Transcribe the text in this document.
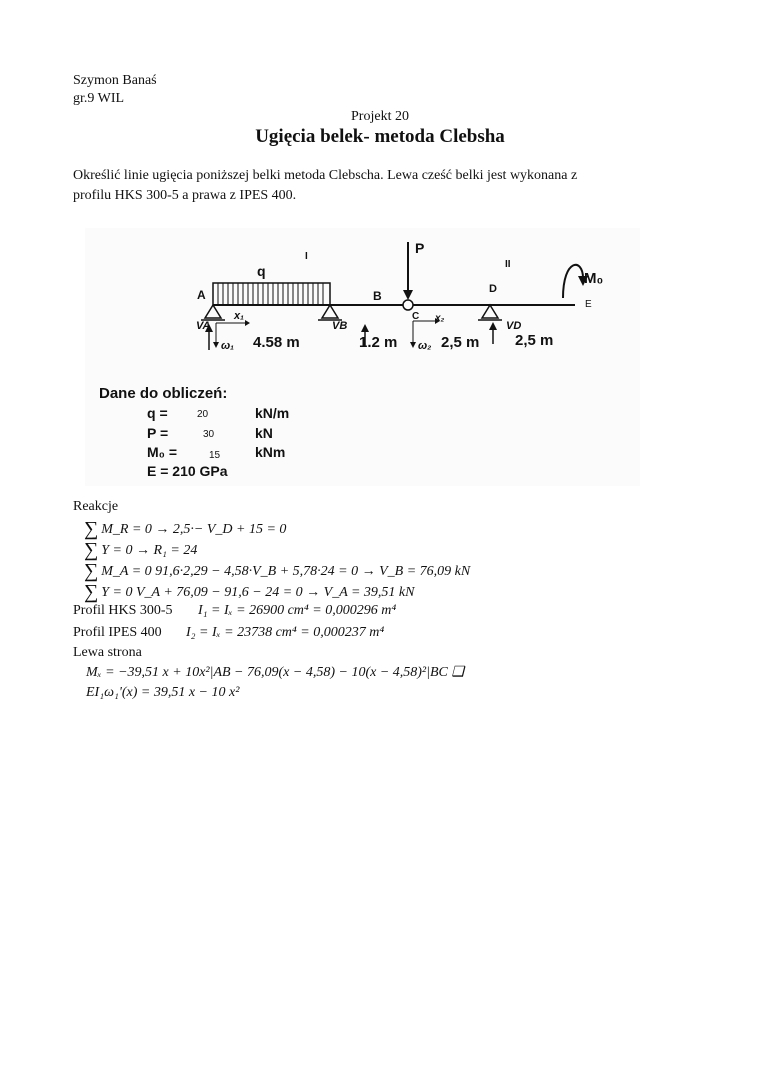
Szymon Banaś
gr.9 WIL
Projekt 20
Ugięcia belek- metoda Clebsha
Określić linie ugięcia poniższej belki metoda Clebscha. Lewa cześć belki jest wykonana z
profilu HKS 300-5 a prawa z IPES 400.
A	B
C
D
E
P
q
I
II
M₀
VA	VB	VD
x₁	x₂
ω₁	ω₂
4.58 m	1.2 m	2,5 m 2,5 m
Dane do obliczeń:
q =	20	kN/m
P =	30	kN
M₀ =	15 kNm
E = 210 GPa
Reakcje
∑ M_R = 0 → 2,5·− V_D + 15 = 0
∑ Y = 0 → R₁ = 24
∑ M_A = 0 91,6·2,29 − 4,58·V_B + 5,78·24 = 0 → V_B = 76,09 kN
∑ Y = 0 V_A + 76,09 − 91,6 − 24 = 0 → V_A = 39,51 kN
Profil HKS 300-5 I₁ = Iₓ = 26900 cm⁴ = 0,000296 m⁴
Profil IPES 400 I₂ = Iₓ = 23738 cm⁴ = 0,000237 m⁴
Lewa strona
Mₓ = −39,51 x + 10x²|AB − 76,09(x − 4,58) − 10(x − 4,58)²|BC ❑
EI₁ω₁'(x) = 39,51 x − 10 x²
